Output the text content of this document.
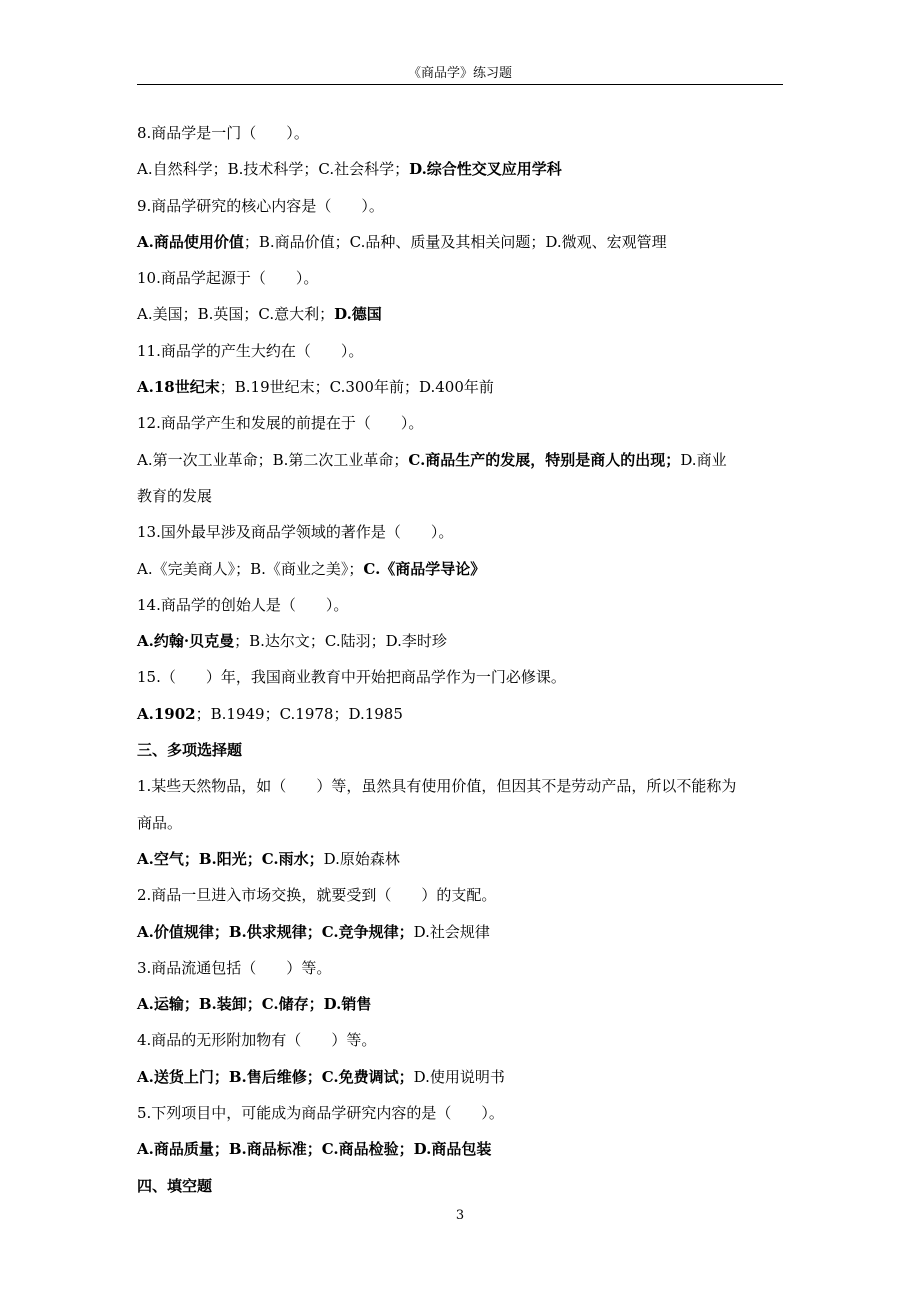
《商品学》练习题
8.商品学是一门（　　）。
A.自然科学；B.技术科学；C.社会科学；D.综合性交叉应用学科
9.商品学研究的核心内容是（　　）。
A.商品使用价值；B.商品价值；C.品种、质量及其相关问题；D.微观、宏观管理
10.商品学起源于（　　）。
A.美国；B.英国；C.意大利；D.德国
11.商品学的产生大约在（　　）。
A.18世纪末；B.19世纪末；C.300年前；D.400年前
12.商品学产生和发展的前提在于（　　）。
A.第一次工业革命；B.第二次工业革命；C.商品生产的发展，特别是商人的出现；D.商业
教育的发展
13.国外最早涉及商品学领域的著作是（　　）。
A.《完美商人》；B.《商业之美》；C.《商品学导论》
14.商品学的创始人是（　　）。
A.约翰·贝克曼；B.达尔文；C.陆羽；D.李时珍
15.（　　）年，我国商业教育中开始把商品学作为一门必修课。
A.1902；B.1949；C.1978；D.1985
三、多项选择题
1.某些天然物品，如（　　）等，虽然具有使用价值，但因其不是劳动产品，所以不能称为
商品。
A.空气；B.阳光；C.雨水；D.原始森林
2.商品一旦进入市场交换，就要受到（　　）的支配。
A.价值规律；B.供求规律；C.竞争规律；D.社会规律
3.商品流通包括（　　）等。
A.运输；B.装卸；C.储存；D.销售
4.商品的无形附加物有（　　）等。
A.送货上门；B.售后维修；C.免费调试；D.使用说明书
5.下列项目中，可能成为商品学研究内容的是（　　）。
A.商品质量；B.商品标准；C.商品检验；D.商品包装
四、填空题
3
